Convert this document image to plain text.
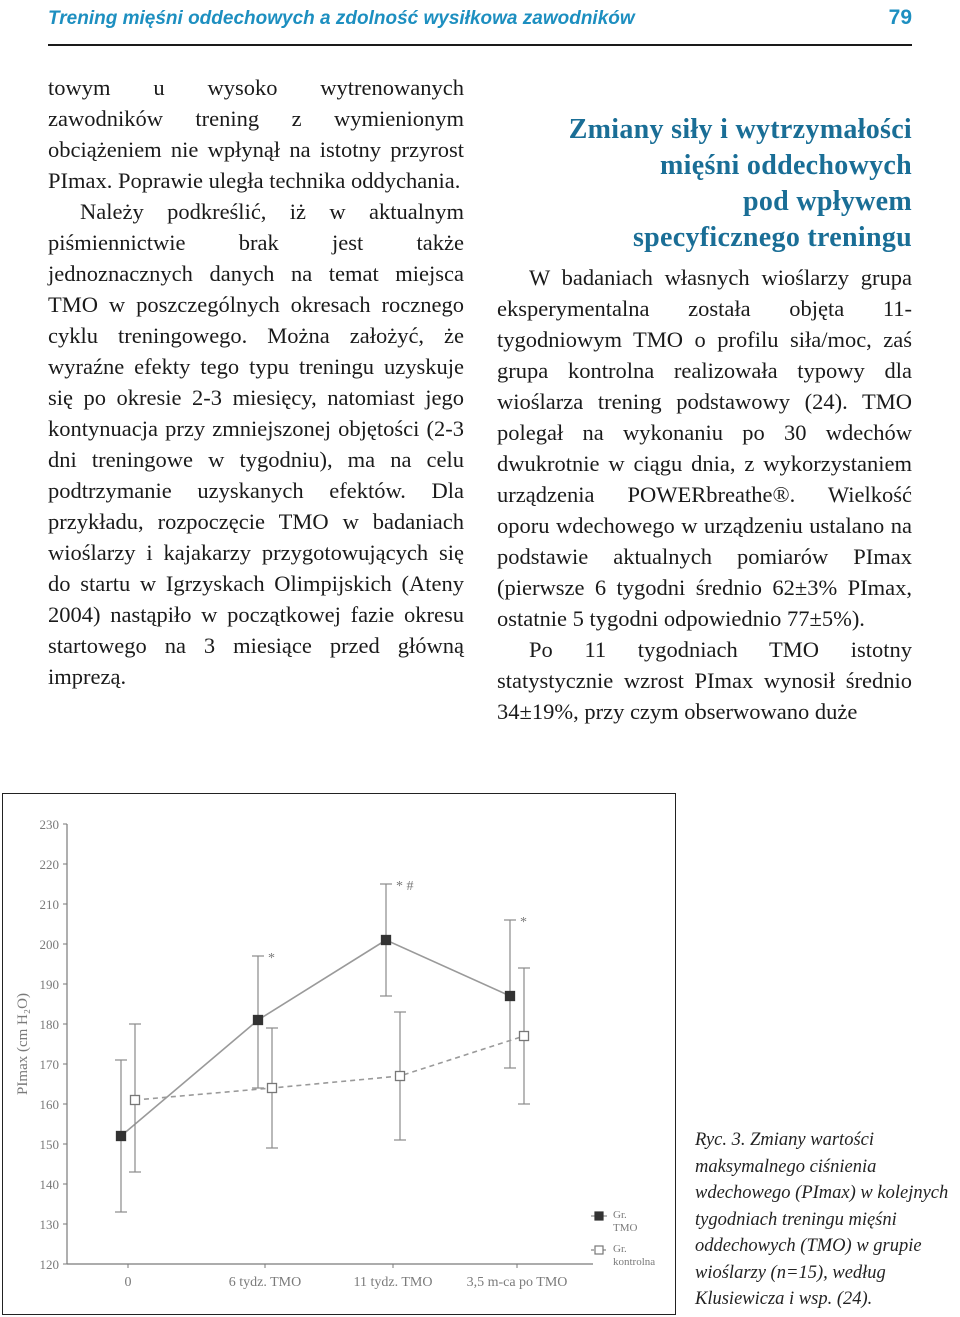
Trening mięśni oddechowych a zdolność wysiłkowa zawodników	79

towym u wysoko wytrenowanych zawodników trening z wymienionym obciążeniem nie wpłynął na istotny przyrost PImax. Poprawie uległa technika oddychania.

Należy podkreślić, iż w aktualnym piśmiennictwie brak jest także jednoznacznych danych na temat miejsca TMO w poszczególnych okresach rocznego cyklu treningowego. Można założyć, że wyraźne efekty tego typu treningu uzyskuje się po okresie 2-3 miesięcy, natomiast jego kontynuacja przy zmniejszonej objętości (2-3 dni treningowe w tygodniu), ma na celu podtrzymanie uzyskanych efektów. Dla przykładu, rozpoczęcie TMO w badaniach wioślarzy i kajakarzy przygotowujących się do startu w Igrzyskach Olimpijskich (Ateny 2004) nastąpiło w początkowej fazie okresu startowego na 3 miesiące przed główną imprezą.

Zmiany siły i wytrzymałości
mięśni oddechowych
pod wpływem
specyficznego treningu

W badaniach własnych wioślarzy grupa eksperymentalna została objęta 11-tygodniowym TMO o profilu siła/moc, zaś grupa kontrolna realizowała typowy dla wioślarza trening podstawowy (24). TMO polegał na wykonaniu po 30 wdechów dwukrotnie w ciągu dnia, z wykorzystaniem urządzenia POWERbreathe®. Wielkość oporu wdechowego w urządzeniu ustalano na podstawie aktualnych pomiarów PImax (pierwsze 6 tygodni średnio 62±3% PImax, ostatnie 5 tygodni odpowiednio 77±5%).

Po 11 tygodniach TMO istotny statystycznie wzrost PImax wynosił średnio 34±19%, przy czym obserwowano duże

120
130
140
150
160
170
180
190
200
210
220
230
PImax (cm H₂O)
0	6 tydz. TMO	11 tydz. TMO 3,5 m-ca po TMO
*
* #
*
Gr.
TMO
Gr.
kontrolna
Ryc. 3. Zmiany wartości maksymalnego ciśnienia wdechowego (PImax) w kolejnych tygodniach treningu mięśni oddechowych (TMO) w grupie wioślarzy (n=15), według Klusiewicza i wsp. (24).
